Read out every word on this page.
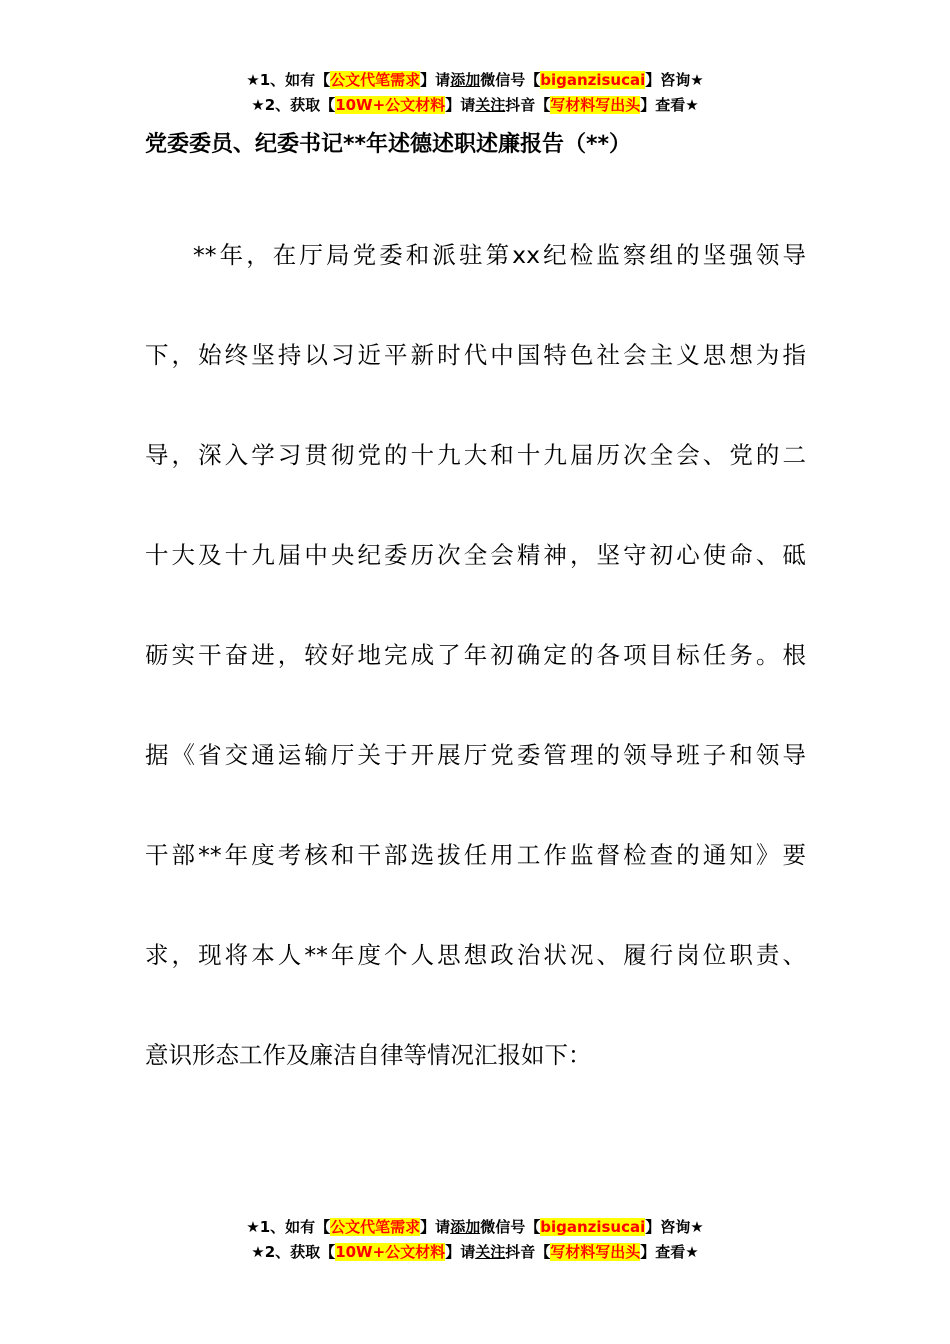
★1、如有【公文代笔需求】请添加微信号【biganzisucai】咨询★
★2、获取【10W+公文材料】请关注抖音【写材料写出头】查看★
党委委员、纪委书记**年述德述职述廉报告（**）
**年，在厅局党委和派驻第xx纪检监察组的坚强领导
下，始终坚持以习近平新时代中国特色社会主义思想为指
导，深入学习贯彻党的十九大和十九届历次全会、党的二
十大及十九届中央纪委历次全会精神，坚守初心使命、砥
砺实干奋进，较好地完成了年初确定的各项目标任务。根
据《省交通运输厅关于开展厅党委管理的领导班子和领导
干部**年度考核和干部选拔任用工作监督检查的通知》要
求，现将本人**年度个人思想政治状况、履行岗位职责、
意识形态工作及廉洁自律等情况汇报如下：
★1、如有【公文代笔需求】请添加微信号【biganzisucai】咨询★
★2、获取【10W+公文材料】请关注抖音【写材料写出头】查看★
